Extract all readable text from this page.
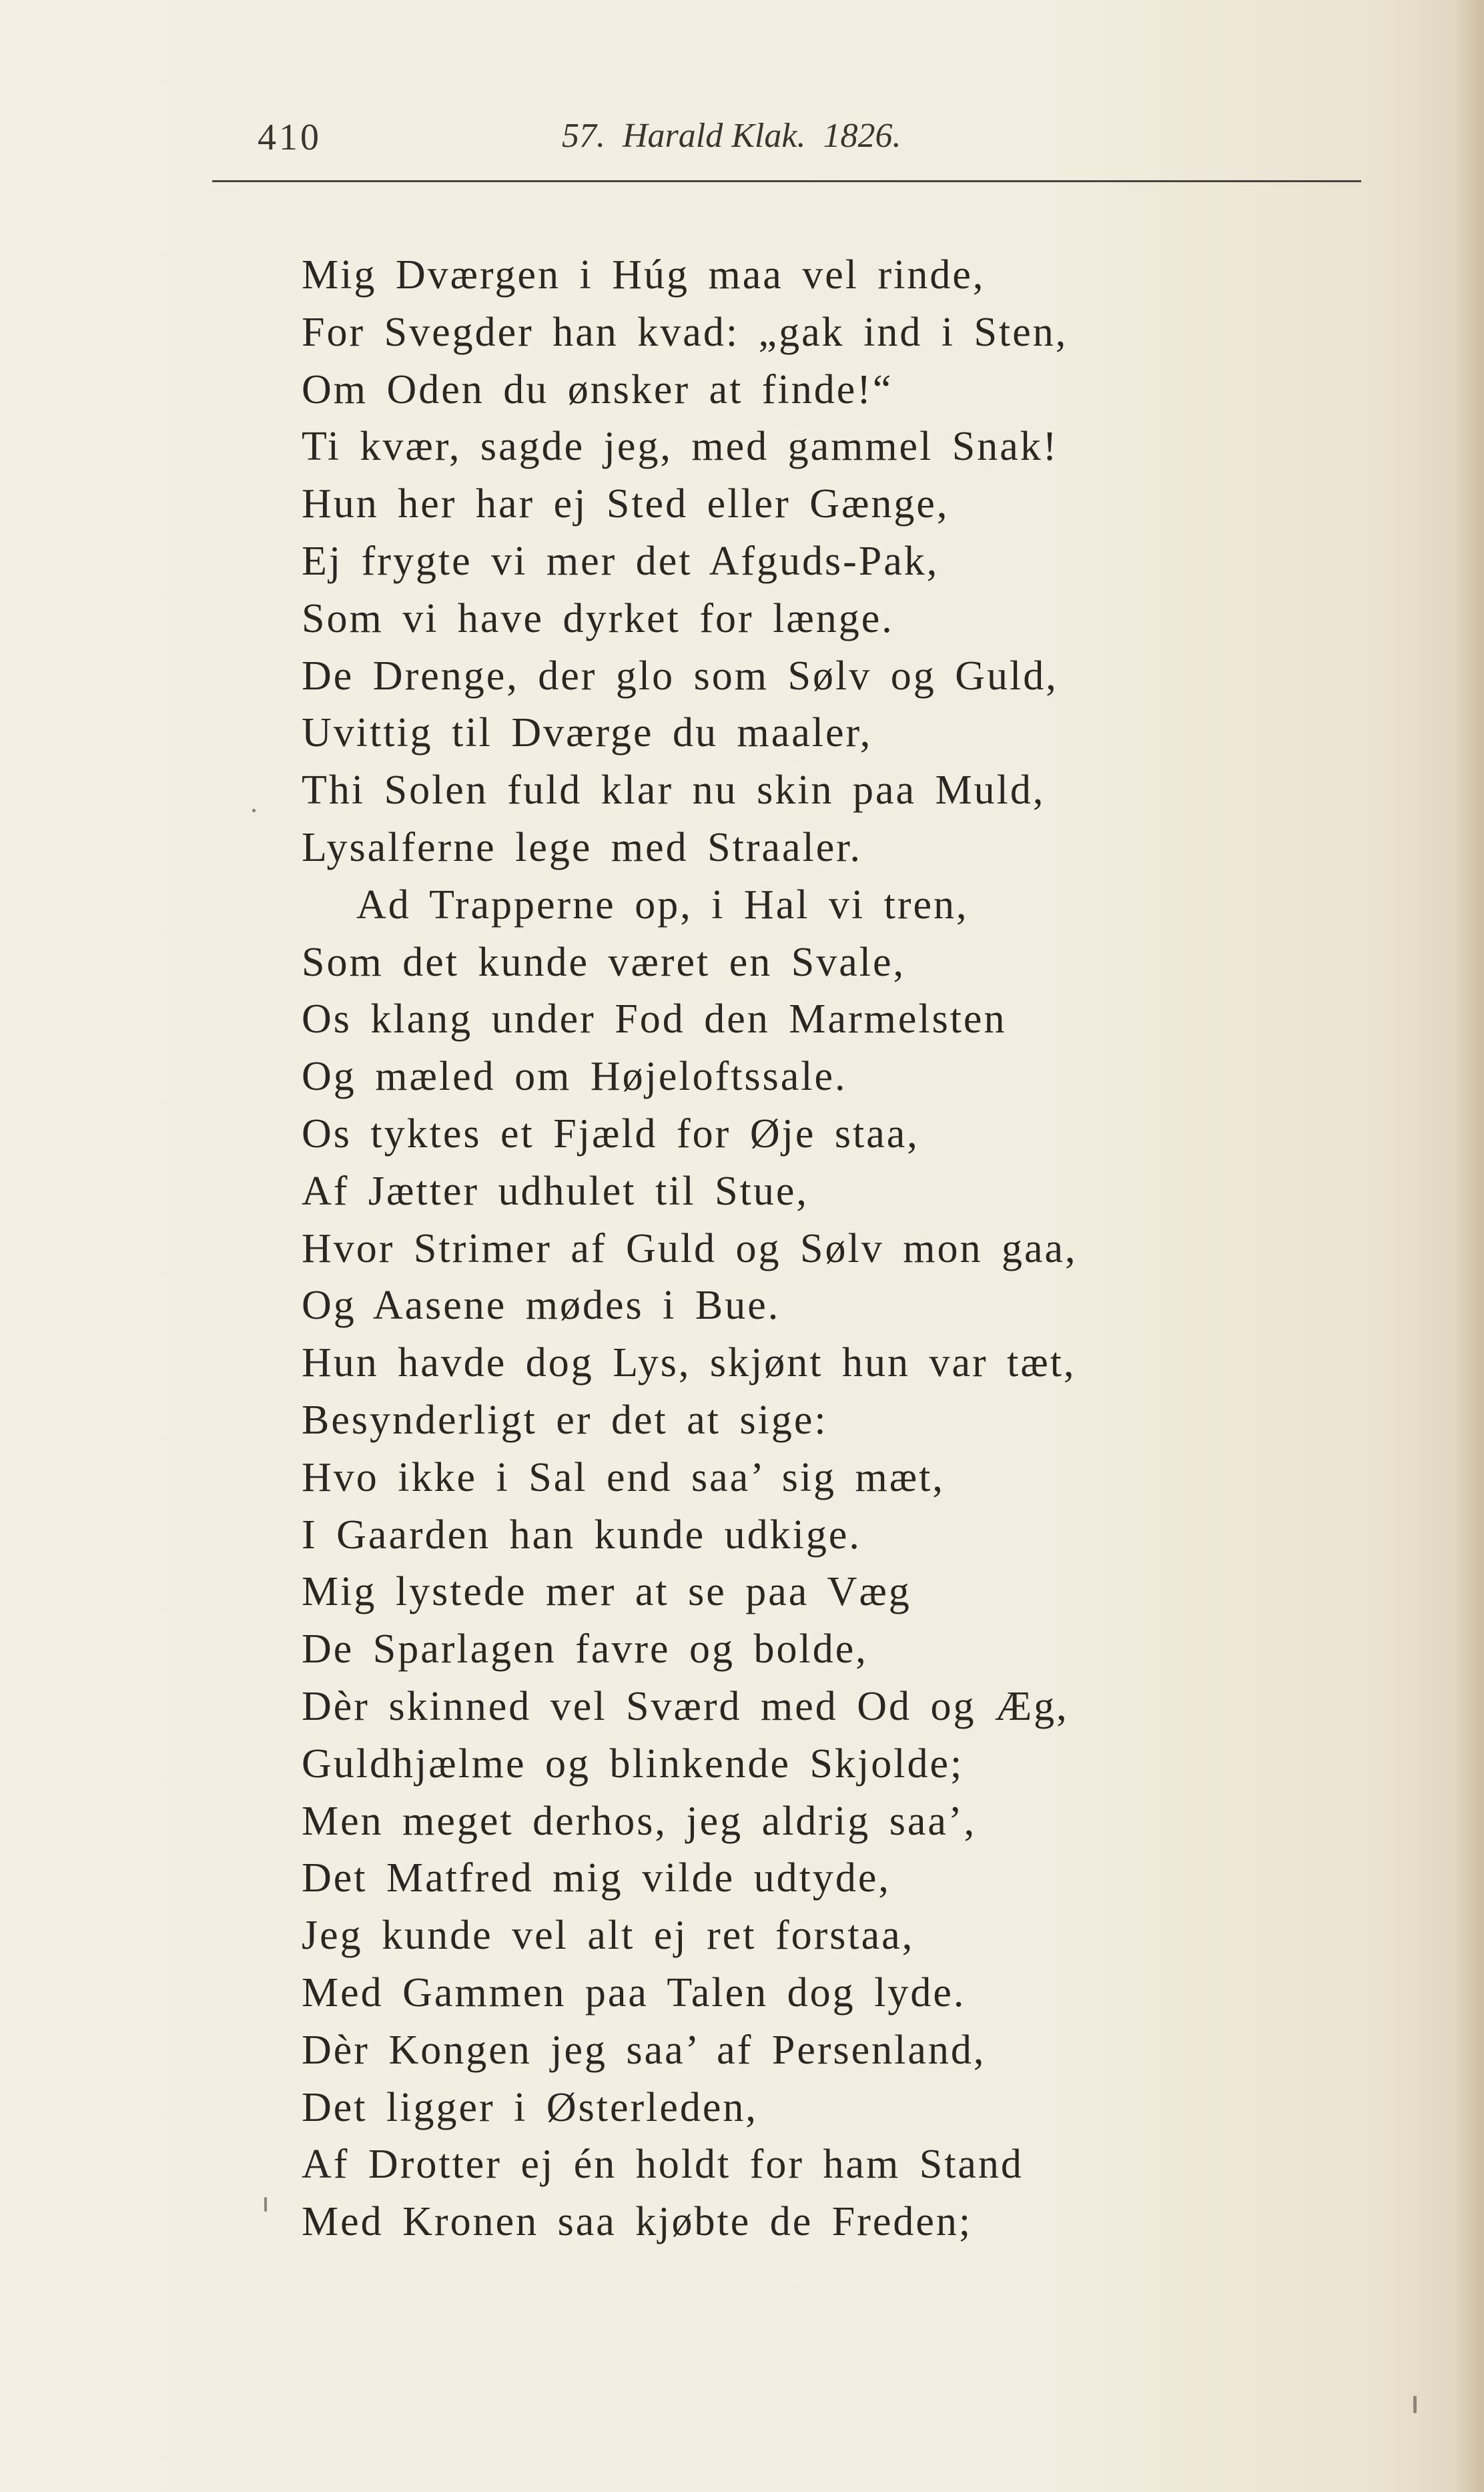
410	57.  Harald Klak.  1826.
Mig Dværgen i Húg maa vel rinde,
For Svegder han kvad: „gak ind i Sten,
Om Oden du ønsker at finde!“
Ti kvær, sagde jeg, med gammel Snak!
Hun her har ej Sted eller Gænge,
Ej frygte vi mer det Afguds-Pak,
Som vi have dyrket for længe.
De Drenge, der glo som Sølv og Guld,
Uvittig til Dværge du maaler,
Thi Solen fuld klar nu skin paa Muld,
Lysalferne lege med Straaler.
Ad Trapperne op, i Hal vi tren,
Som det kunde været en Svale,
Os klang under Fod den Marmelsten
Og mæled om Højeloftssale.
Os tyktes et Fjæld for Øje staa,
Af Jætter udhulet til Stue,
Hvor Strimer af Guld og Sølv mon gaa,
Og Aasene mødes i Bue.
Hun havde dog Lys, skjønt hun var tæt,
Besynderligt er det at sige:
Hvo ikke i Sal end saa’ sig mæt,
I Gaarden han kunde udkige.
Mig lystede mer at se paa Væg
De Sparlagen favre og bolde,
Dèr skinned vel Sværd med Od og Æg,
Guldhjælme og blinkende Skjolde;
Men meget derhos, jeg aldrig saa’,
Det Matfred mig vilde udtyde,
Jeg kunde vel alt ej ret forstaa,
Med Gammen paa Talen dog lyde.
Dèr Kongen jeg saa’ af Persenland,
Det ligger i Østerleden,
Af Drotter ej én holdt for ham Stand
Med Kronen saa kjøbte de Freden;
